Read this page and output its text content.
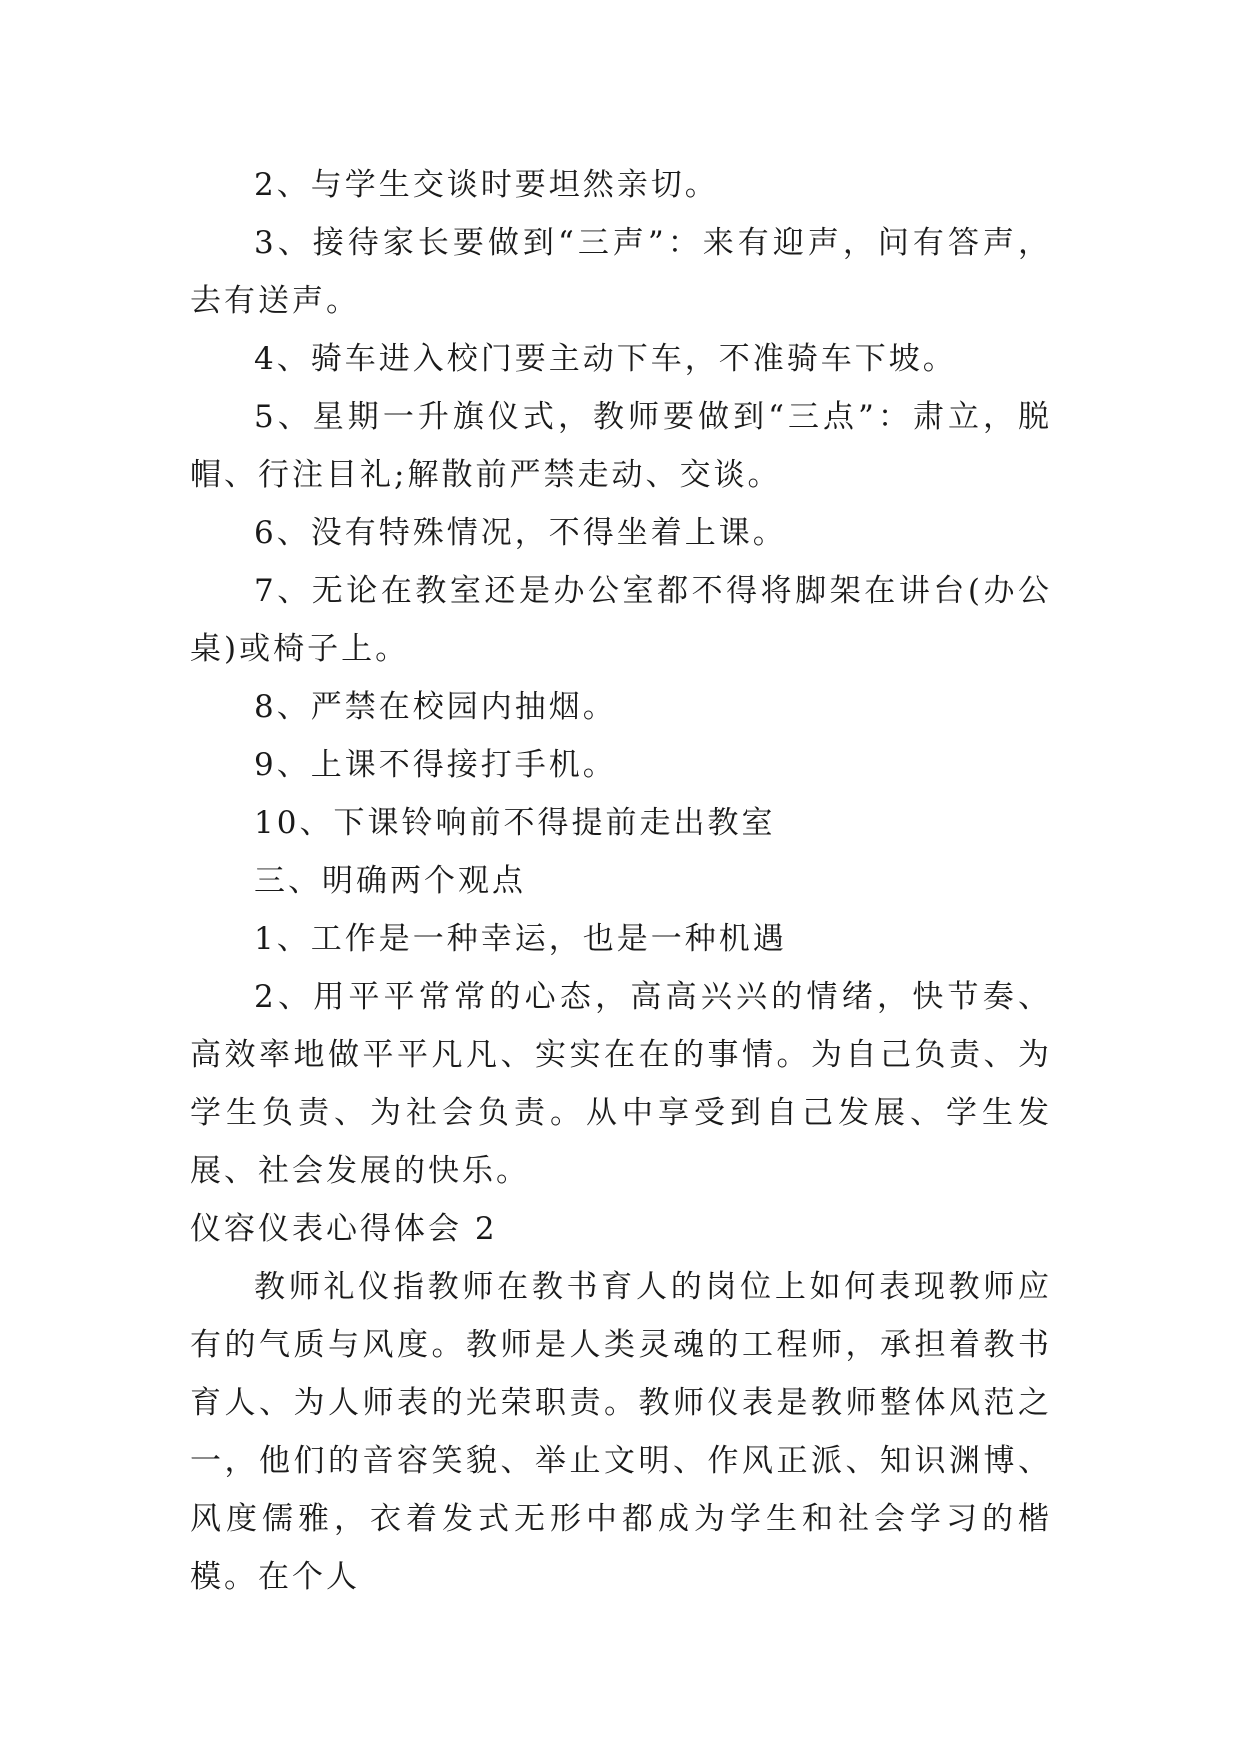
2、与学生交谈时要坦然亲切。

3、接待家长要做到“三声”：来有迎声，问有答声，去有送声。

4、骑车进入校门要主动下车，不准骑车下坡。

5、星期一升旗仪式，教师要做到“三点”：肃立，脱帽、行注目礼;解散前严禁走动、交谈。

6、没有特殊情况，不得坐着上课。

7、无论在教室还是办公室都不得将脚架在讲台(办公桌)或椅子上。

8、严禁在校园内抽烟。

9、上课不得接打手机。

10、下课铃响前不得提前走出教室

三、明确两个观点

1、工作是一种幸运，也是一种机遇

2、用平平常常的心态，高高兴兴的情绪，快节奏、高效率地做平平凡凡、实实在在的事情。为自己负责、为学生负责、为社会负责。从中享受到自己发展、学生发展、社会发展的快乐。

仪容仪表心得体会 2

教师礼仪指教师在教书育人的岗位上如何表现教师应有的气质与风度。教师是人类灵魂的工程师，承担着教书育人、为人师表的光荣职责。教师仪表是教师整体风范之一，他们的音容笑貌、举止文明、作风正派、知识渊博、风度儒雅，衣着发式无形中都成为学生和社会学习的楷模。在个人
